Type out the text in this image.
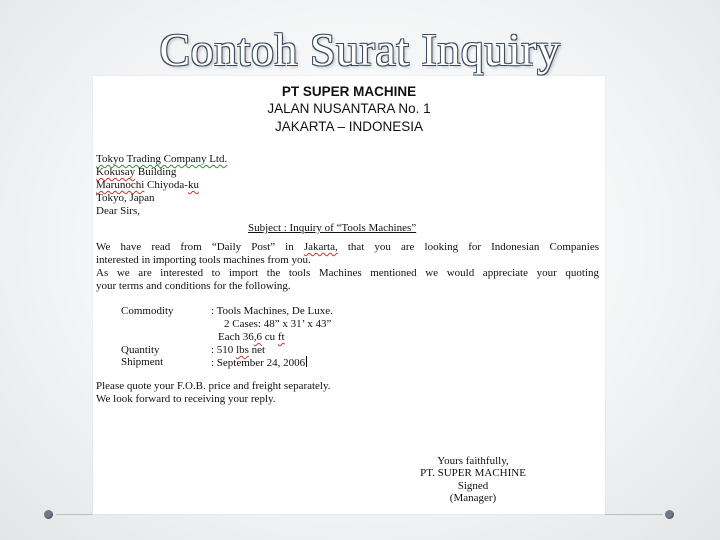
Contoh Surat Inquiry
PT SUPER MACHINE
JALAN NUSANTARA No. 1
JAKARTA – INDONESIA
Tokyo Trading Company Ltd.
Kokusay Building
Marunochi Chiyoda-ku
Tokyo, Japan
Dear Sirs,
Subject : Inquiry of “Tools Machines”
We have read from “Daily Post” in Jakarta, that you are looking for Indonesian Companies
interested in importing tools machines from you.
As we are interested to import the tools Machines mentioned we would appreciate your quoting
your terms and conditions for the following.
Commodity	: Tools Machines, De Luxe.
2 Cases: 48” x 31’ x 43”
Each 36,6 cu ft
Quantity	: 510 lbs net
Shipment	: September 24, 2006
Please quote your F.O.B. price and freight separately.
We look forward to receiving your reply.
Yours faithfully,
PT. SUPER MACHINE
Signed
(Manager)
